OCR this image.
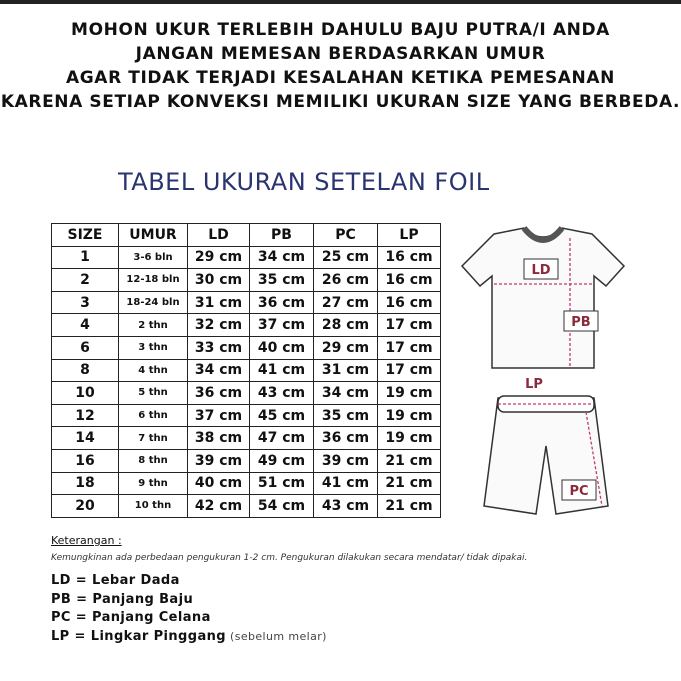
MOHON UKUR TERLEBIH DAHULU BAJU PUTRA/I ANDA
JANGAN MEMESAN BERDASARKAN UMUR
AGAR TIDAK TERJADI KESALAHAN KETIKA PEMESANAN
KARENA SETIAP KONVEKSI MEMILIKI UKURAN SIZE YANG BERBEDA.
TABEL UKURAN SETELAN FOIL
SIZE	UMUR	LD	PB	PC	LP
1	3-6 bln	29 cm	34 cm	25 cm	16 cm
2	12-18 bln	30 cm	35 cm	26 cm	16 cm
3	18-24 bln	31 cm	36 cm	27 cm	16 cm
4	2 thn	32 cm	37 cm	28 cm	17 cm
6	3 thn	33 cm	40 cm	29 cm	17 cm
8	4 thn	34 cm	41 cm	31 cm	17 cm
10	5 thn	36 cm	43 cm	34 cm	19 cm
12	6 thn	37 cm	45 cm	35 cm	19 cm
14	7 thn	38 cm	47 cm	36 cm	19 cm
16	8 thn	39 cm	49 cm	39 cm	21 cm
18	9 thn	40 cm	51 cm	41 cm	21 cm
20	10 thn	42 cm	54 cm	43 cm	21 cm
LD
PB
LP
PC
Keterangan :
Kemungkinan ada perbedaan pengukuran 1-2 cm. Pengukuran dilakukan secara mendatar/ tidak dipakai.
LD = Lebar Dada
PB = Panjang Baju
PC = Panjang Celana
LP = Lingkar Pinggang (sebelum melar)
